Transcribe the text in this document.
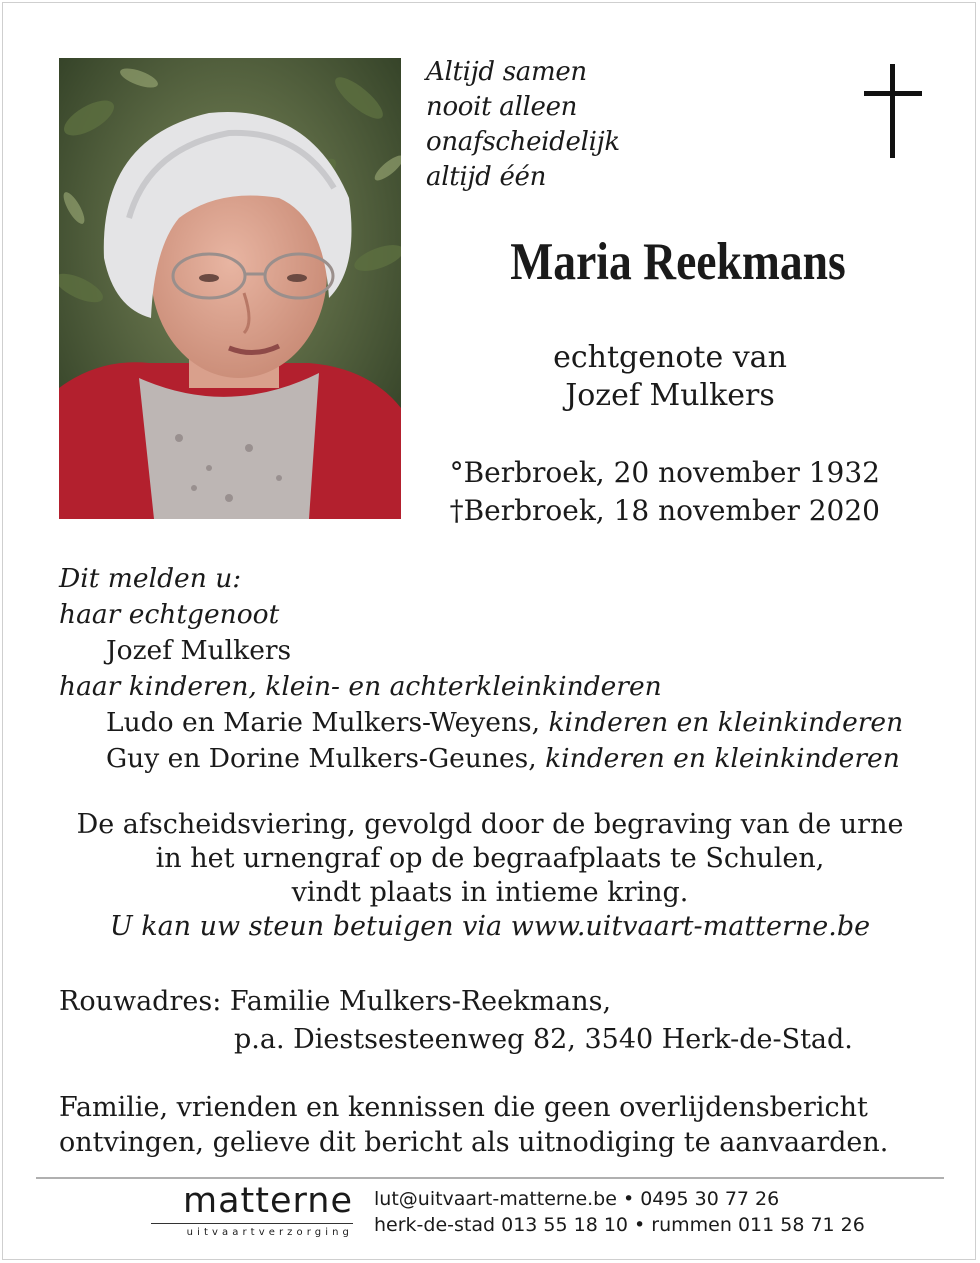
Altijd samen
nooit alleen
onafscheidelijk
altijd één
Maria Reekmans
echtgenote van
Jozef Mulkers
°Berbroek, 20 november 1932
†Berbroek, 18 november 2020
Dit melden u:
haar echtgenoot
Jozef Mulkers
haar kinderen, klein- en achterkleinkinderen
Ludo en Marie Mulkers-Weyens, kinderen en kleinkinderen
Guy en Dorine Mulkers-Geunes, kinderen en kleinkinderen
De afscheidsviering, gevolgd door de begraving van de urne
in het urnengraf op de begraafplaats te Schulen,
vindt plaats in intieme kring.
U kan uw steun betuigen via www.uitvaart-matterne.be
Rouwadres: Familie Mulkers-Reekmans,
p.a. Diestsesteenweg 82, 3540 Herk-de-Stad.
Familie, vrienden en kennissen die geen overlijdensbericht
ontvingen, gelieve dit bericht als uitnodiging te aanvaarden.
matterne
uitvaartverzorging
lut@uitvaart-matterne.be • 0495 30 77 26
herk-de-stad 013 55 18 10 • rummen 011 58 71 26
